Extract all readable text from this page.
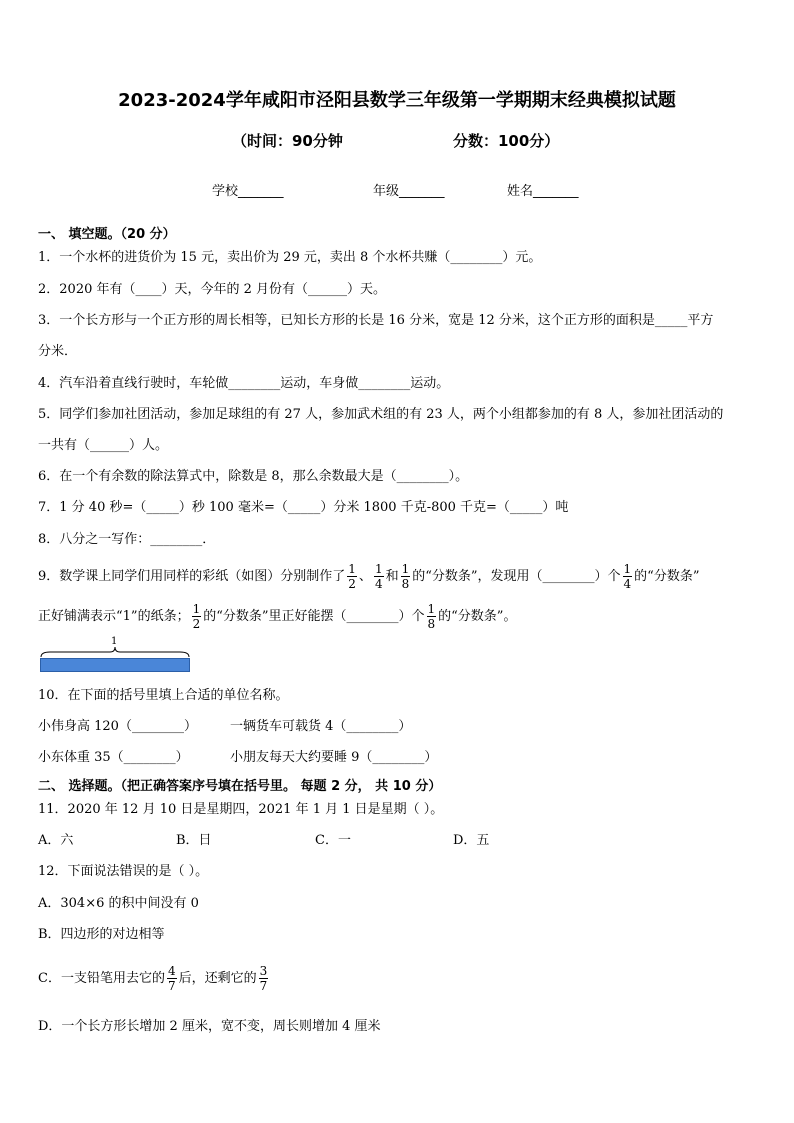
2023-2024学年咸阳市泾阳县数学三年级第一学期期末经典模拟试题
（时间：90分钟	分数：100分）
学校_______	年级_______	姓名_______
一、 填空题。（20 分）
1．一个水杯的进货价为 15 元，卖出价为 29 元，卖出 8 个水杯共赚（________）元。
2．2020 年有（____）天，今年的 2 月份有（______）天。
3．一个长方形与一个正方形的周长相等，已知长方形的长是 16 分米，宽是 12 分米，这个正方形的面积是_____平方
分米．
4．汽车沿着直线行驶时，车轮做________运动，车身做________运动。
5．同学们参加社团活动，参加足球组的有 27 人，参加武术组的有 23 人，两个小组都参加的有 8 人，参加社团活动的
一共有（______）人。
6．在一个有余数的除法算式中，除数是 8，那么余数最大是（________）。
7．1 分 40 秒=（_____）秒 100 毫米=（_____）分米 1800 千克-800 千克=（_____）吨
8．八分之一写作：________．
9．数学课上同学们用同样的彩纸（如图）分别制作了 $\frac{1}{2}$ 、 $\frac{1}{4}$ 和 $\frac{1}{8}$ 的“分数条”，发现用（________）个 $\frac{1}{4}$ 的“分数条”
正好铺满表示“1”的纸条； $\frac{1}{2}$ 的“分数条”里正好能摆（________）个 $\frac{1}{8}$ 的“分数条”。
1
10．在下面的括号里填上合适的单位名称。
小伟身高 120（________）	一辆货车可载货 4（________）
小东体重 35（________）	小朋友每天大约要睡 9（________）
二、 选择题。（把正确答案序号填在括号里。 每题 2 分， 共 10 分）
11．2020 年 12 月 10 日是星期四，2021 年 1 月 1 日是星期（ ）。
A．六	B．日	C．一	D．五
12．下面说法错误的是（ ）。
A．304×6 的积中间没有 0
B．四边形的对边相等
C．一支铅笔用去它的 $\frac{4}{7}$ 后，还剩它的 $\frac{3}{7}$
D．一个长方形长增加 2 厘米，宽不变，周长则增加 4 厘米
